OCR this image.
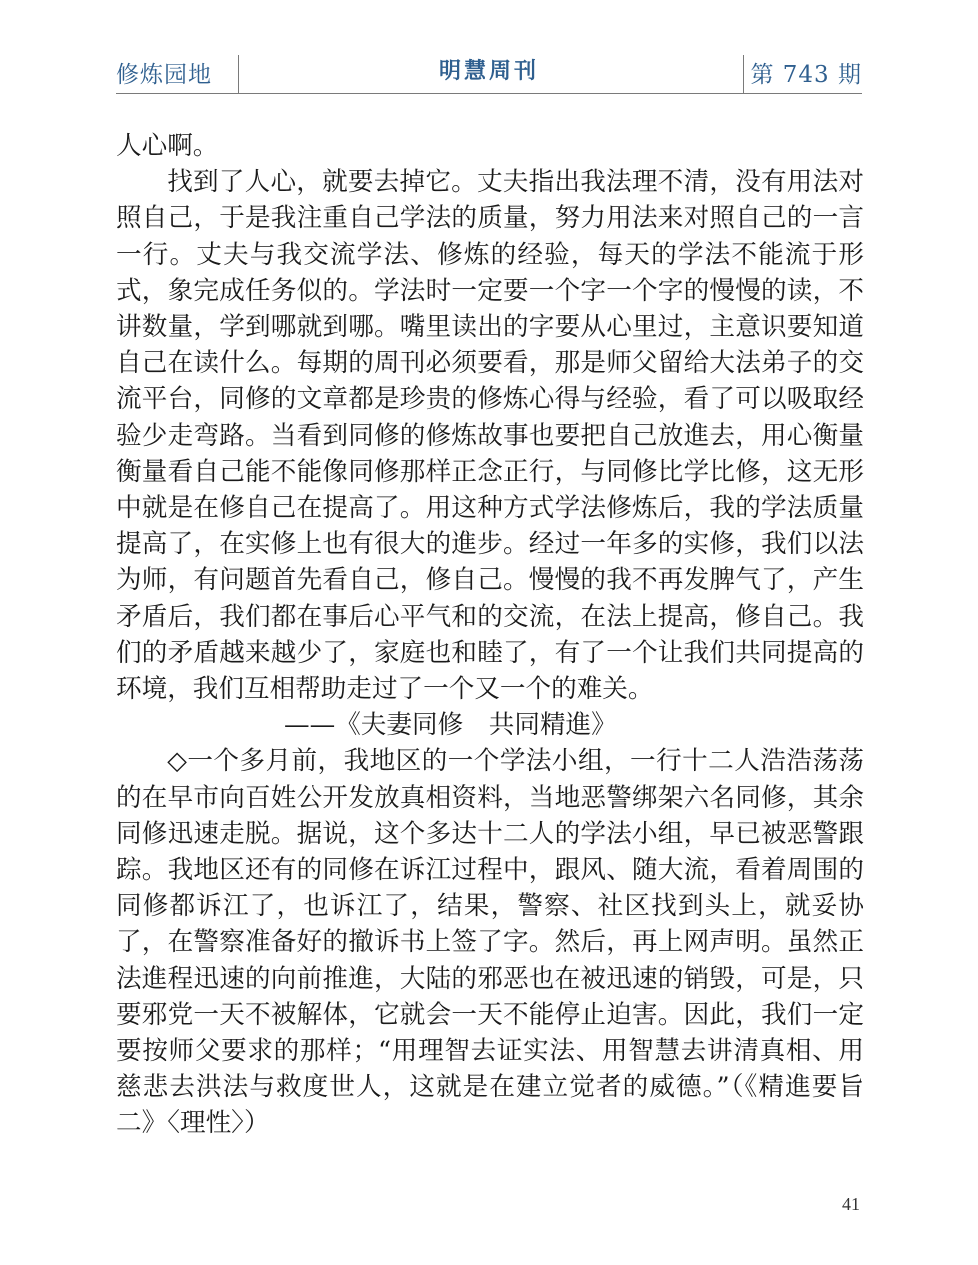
修炼园地	明慧周刊	第 743 期

人心啊。

找到了人心，就要去掉它。丈夫指出我法理不清，没有用法对照自己，于是我注重自己学法的质量，努力用法来对照自己的一言一行。丈夫与我交流学法、修炼的经验，每天的学法不能流于形式，象完成任务似的。学法时一定要一个字一个字的慢慢的读，不讲数量，学到哪就到哪。嘴里读出的字要从心里过，主意识要知道自己在读什么。每期的周刊必须要看，那是师父留给大法弟子的交流平台，同修的文章都是珍贵的修炼心得与经验，看了可以吸取经验少走弯路。当看到同修的修炼故事也要把自己放進去，用心衡量衡量看自己能不能像同修那样正念正行，与同修比学比修，这无形中就是在修自己在提高了。用这种方式学法修炼后，我的学法质量提高了，在实修上也有很大的進步。经过一年多的实修，我们以法为师，有问题首先看自己，修自己。慢慢的我不再发脾气了，产生矛盾后，我们都在事后心平气和的交流，在法上提高，修自己。我们的矛盾越来越少了，家庭也和睦了，有了一个让我们共同提高的环境，我们互相帮助走过了一个又一个的难关。

——《夫妻同修　共同精進》

◇一个多月前，我地区的一个学法小组，一行十二人浩浩荡荡的在早市向百姓公开发放真相资料，当地恶警绑架六名同修，其余同修迅速走脱。据说，这个多达十二人的学法小组，早已被恶警跟踪。我地区还有的同修在诉江过程中，跟风、随大流，看着周围的同修都诉江了，也诉江了，结果，警察、社区找到头上，就妥协了，在警察准备好的撤诉书上签了字。然后，再上网声明。虽然正法進程迅速的向前推進，大陆的邪恶也在被迅速的销毁，可是，只要邪党一天不被解体，它就会一天不能停止迫害。因此，我们一定要按师父要求的那样；“用理智去证实法、用智慧去讲清真相、用慈悲去洪法与救度世人，这就是在建立觉者的威德。”（《精進要旨二》〈理性〉）

41
